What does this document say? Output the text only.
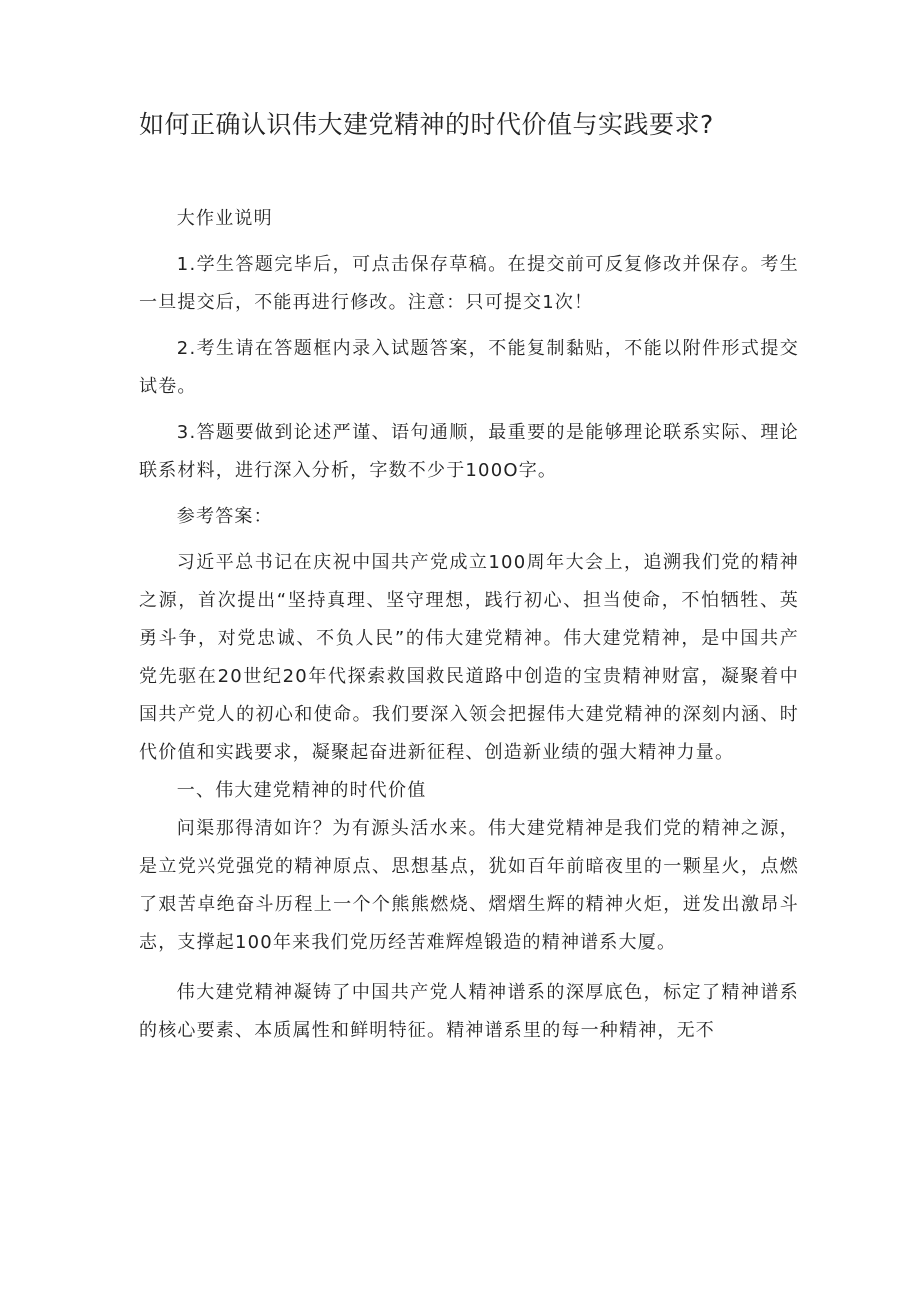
如何正确认识伟大建党精神的时代价值与实践要求?

大作业说明

1.学生答题完毕后，可点击保存草稿。在提交前可反复修改并保存。考生一旦提交后，不能再进行修改。注意：只可提交1次！

2.考生请在答题框内录入试题答案，不能复制黏贴，不能以附件形式提交试卷。

3.答题要做到论述严谨、语句通顺，最重要的是能够理论联系实际、理论联系材料，进行深入分析，字数不少于100O字。

参考答案：

习近平总书记在庆祝中国共产党成立100周年大会上，追溯我们党的精神之源，首次提出“坚持真理、坚守理想，践行初心、担当使命，不怕牺牲、英勇斗争，对党忠诚、不负人民”的伟大建党精神。伟大建党精神，是中国共产党先驱在20世纪20年代探索救国救民道路中创造的宝贵精神财富，凝聚着中国共产党人的初心和使命。我们要深入领会把握伟大建党精神的深刻内涵、时代价值和实践要求，凝聚起奋进新征程、创造新业绩的强大精神力量。

一、伟大建党精神的时代价值

问渠那得清如许？为有源头活水来。伟大建党精神是我们党的精神之源，是立党兴党强党的精神原点、思想基点，犹如百年前暗夜里的一颗星火，点燃了艰苦卓绝奋斗历程上一个个熊熊燃烧、熠熠生辉的精神火炬，迸发出激昂斗志，支撑起100年来我们党历经苦难辉煌锻造的精神谱系大厦。

伟大建党精神凝铸了中国共产党人精神谱系的深厚底色，标定了精神谱系的核心要素、本质属性和鲜明特征。精神谱系里的每一种精神，无不
